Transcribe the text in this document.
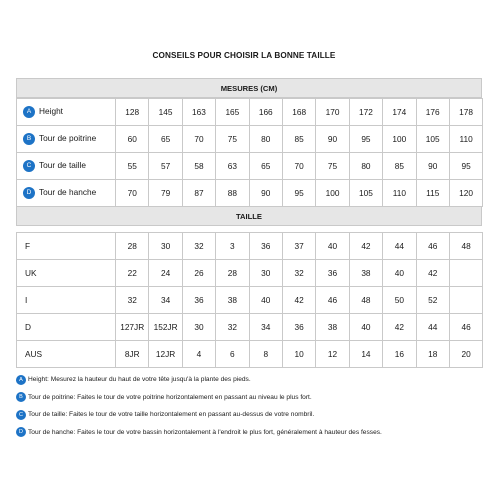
CONSEILS POUR CHOISIR LA BONNE TAILLE
MESURES (CM)
A Height	128	145	163	165	166	168	170	172	174	176	178
B Tour de poitrine	60	65	70	75	80	85	90	95	100	105	110
C Tour de taille	55	57	58	63	65	70	75	80	85	90	95
D Tour de hanche	70	79	87	88	90	95	100	105	110	115	120
TAILLE
F	28	30	32	3	36	37	40	42	44	46	48
UK	22	24	26	28	30	32	36	38	40	42	
I	32	34	36	38	40	42	46	48	50	52	
D	127JR	152JR	30	32	34	36	38	40	42	44	46
AUS	8JR	12JR	4	6	8	10	12	14	16	18	20
A Height: Mesurez la hauteur du haut de votre tête jusqu'à la plante des pieds.
B Tour de poitrine: Faites le tour de votre poitrine horizontalement en passant au niveau le plus fort.
C Tour de taille: Faites le tour de votre taille horizontalement en passant au-dessus de votre nombril.
D Tour de hanche: Faites le tour de votre bassin horizontalement à l'endroit le plus fort, généralement à hauteur des fesses.
